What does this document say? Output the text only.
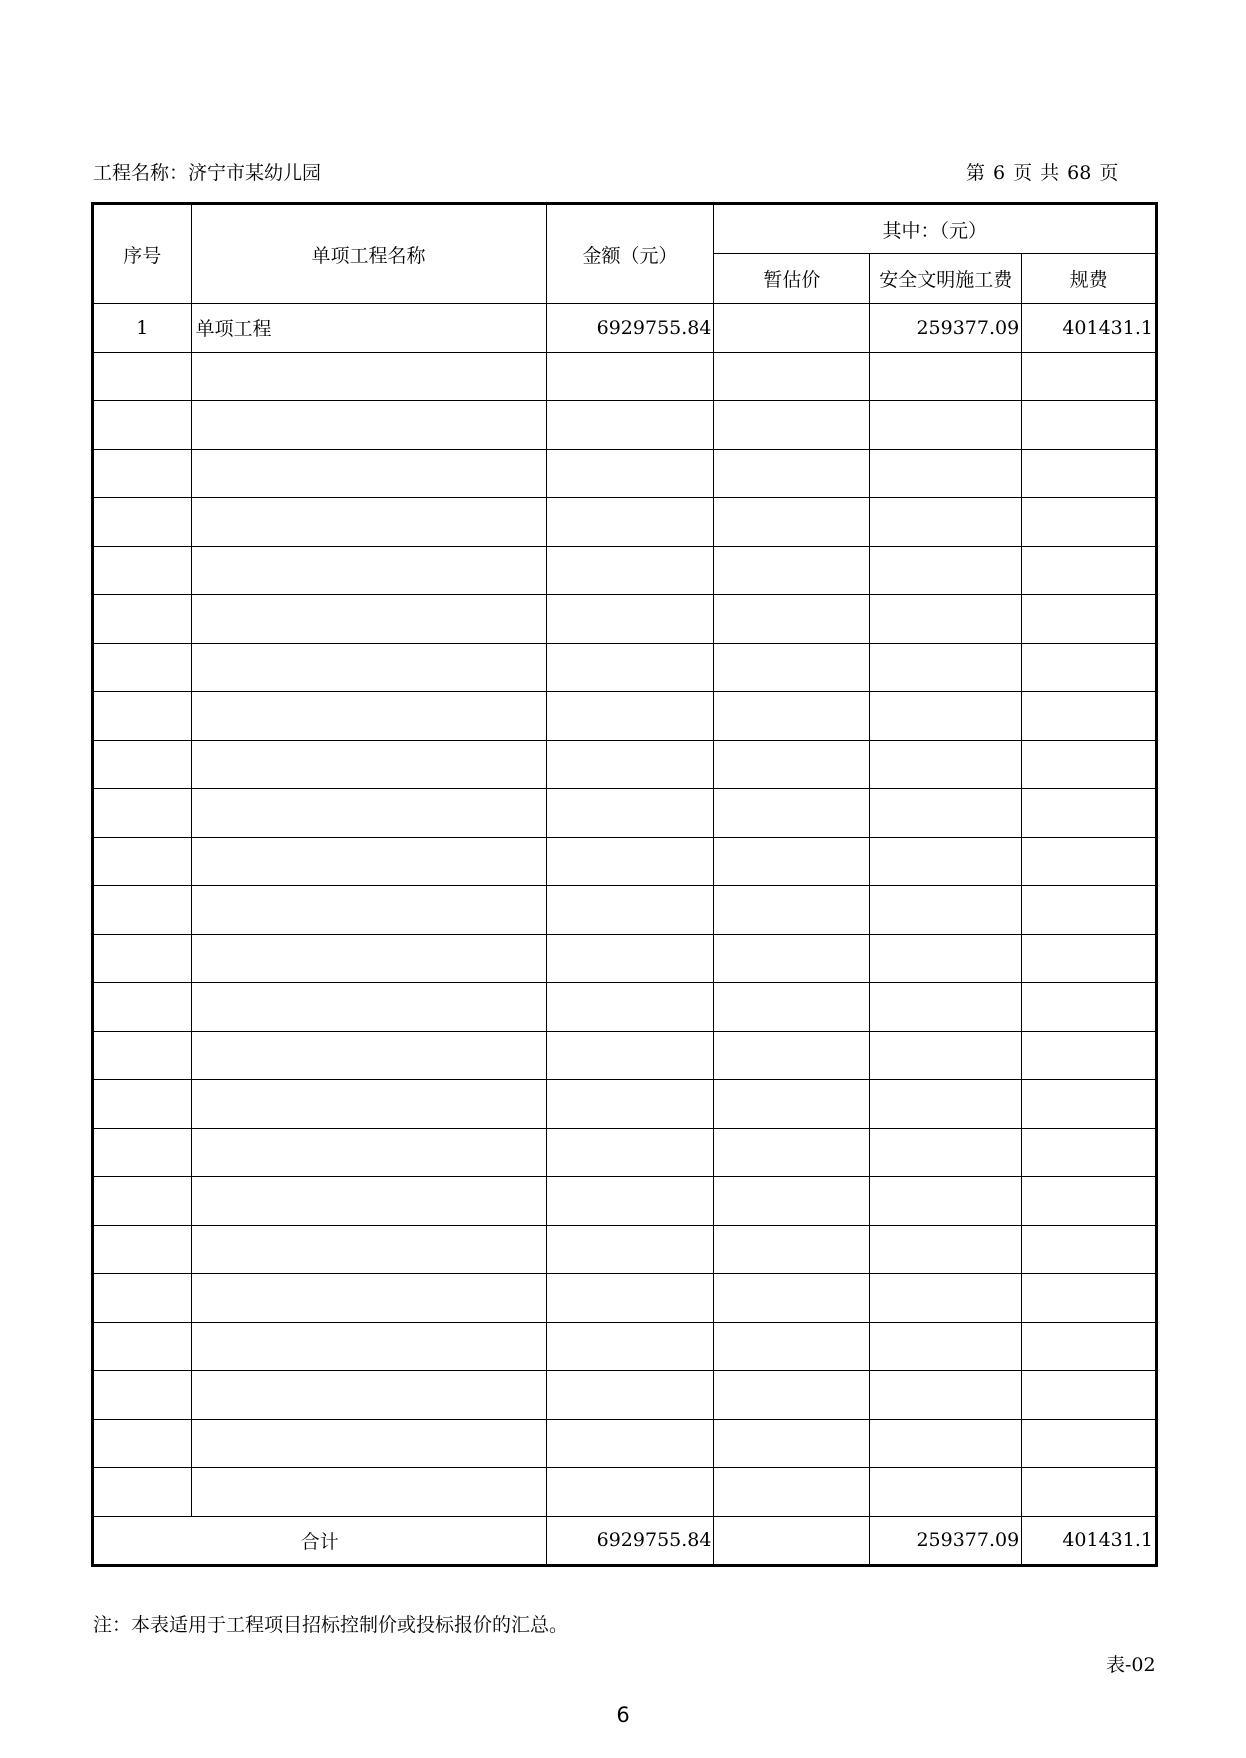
工程名称：济宁市某幼儿园	第 6 页 共 68 页
序号	单项工程名称	金额（元）	其中：（元）		
			暂估价	安全文明施工费	规费
1	单项工程	6929755.84		259377.09	401431.1

合计		6929755.84		259377.09	401431.1
注：本表适用于工程项目招标控制价或投标报价的汇总。
表-02
6
